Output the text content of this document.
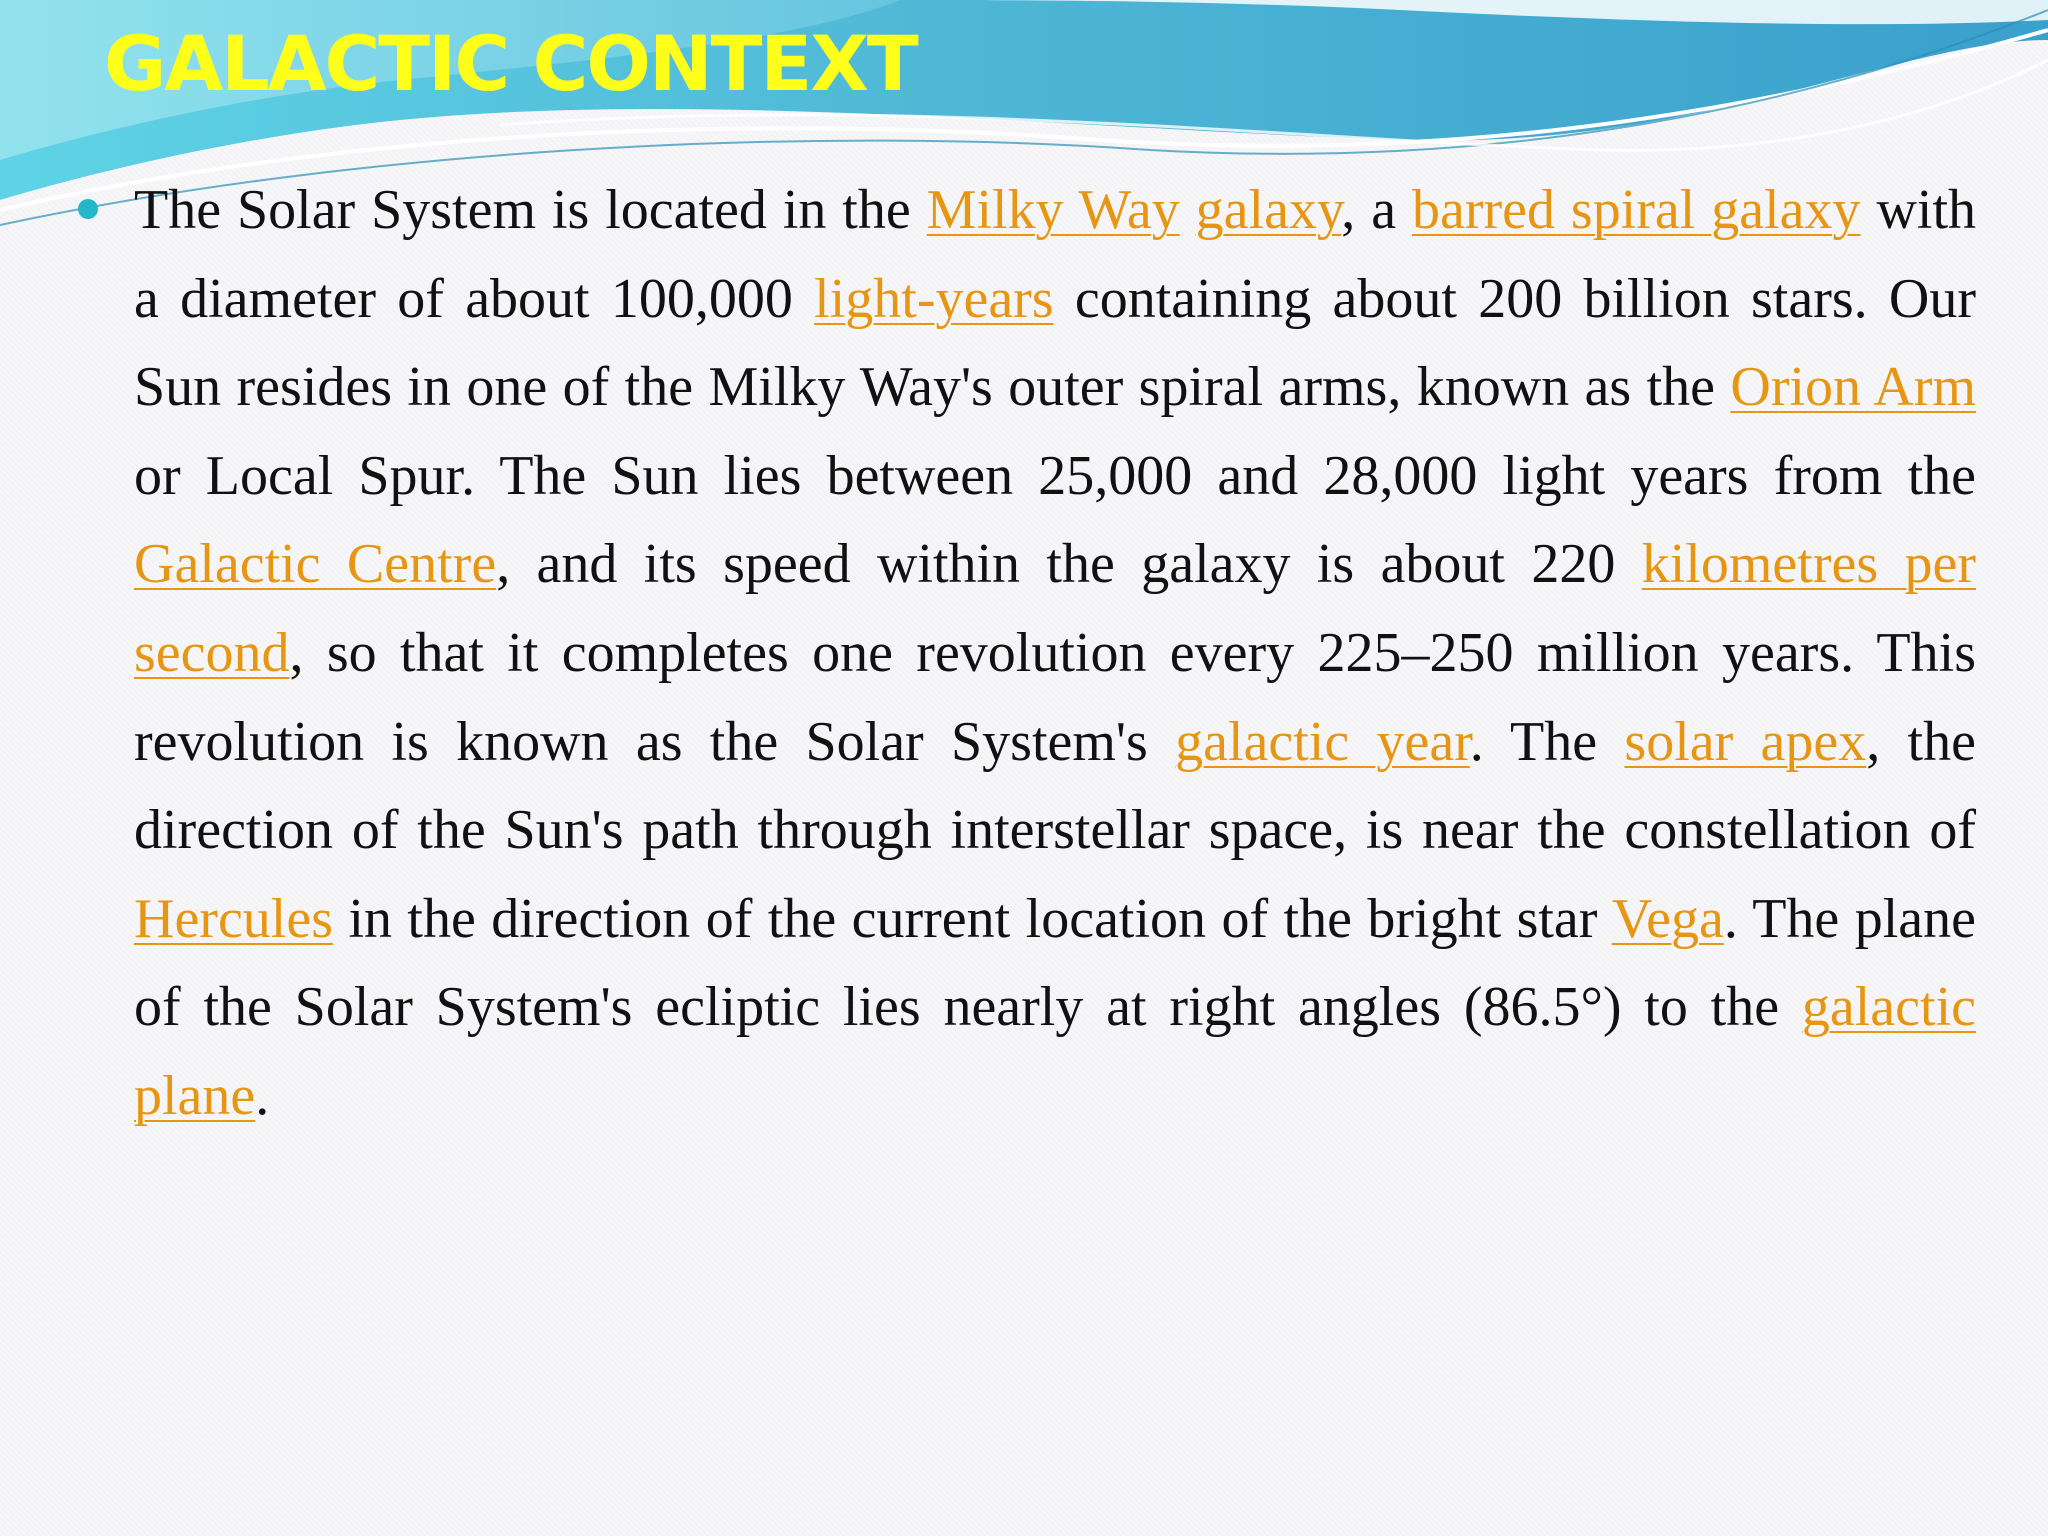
GALACTIC CONTEXT

The Solar System is located in the Milky Way galaxy, a barred spiral galaxy with a diameter of about 100,000 light-years containing about 200 billion stars. Our Sun resides in one of the Milky Way's outer spiral arms, known as the Orion Arm or Local Spur. The Sun lies between 25,000 and 28,000 light years from the Galactic Centre, and its speed within the galaxy is about 220 kilometres per second, so that it completes one revolution every 225–250 million years. This revolution is known as the Solar System's galactic year. The solar apex, the direction of the Sun's path through interstellar space, is near the constellation of Hercules in the direction of the current location of the bright star Vega. The plane of the Solar System's ecliptic lies nearly at right angles (86.5°) to the galactic plane.
